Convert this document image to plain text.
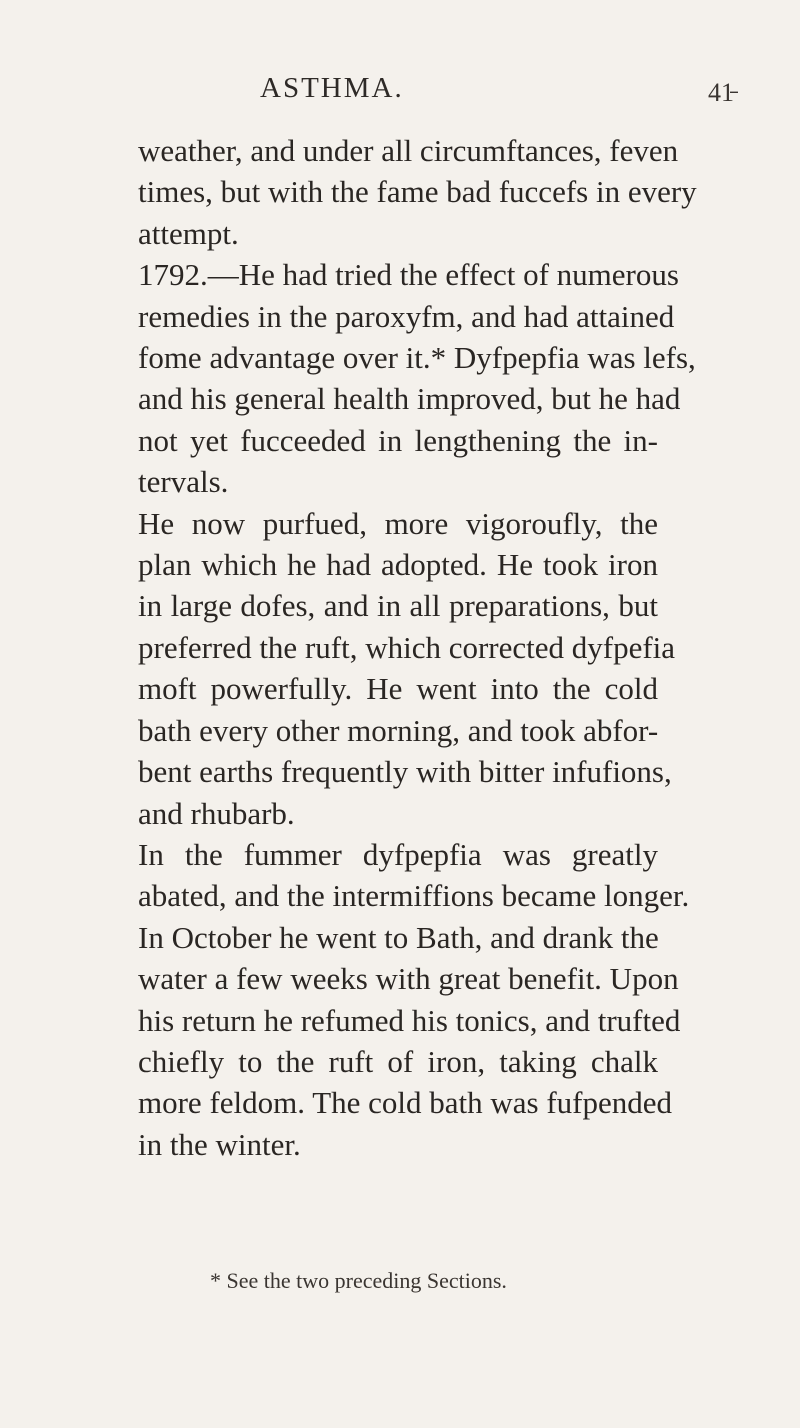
ASTHMA.	41̵
weather, and under all circumftances, feven
times, but with the fame bad fuccefs in every
attempt.
1792.—He had tried the effect of numerous
remedies in the paroxyfm, and had attained
fome advantage over it.* Dyfpepfia was lefs,
and his general health improved, but he had
not yet fucceeded in lengthening the in-
tervals.
He now purfued, more vigoroufly, the
plan which he had adopted. He took iron
in large dofes, and in all preparations, but
preferred the ruft, which corrected dyfpefia
moft powerfully. He went into the cold
bath every other morning, and took abfor-
bent earths frequently with bitter infufions,
and rhubarb.
In the fummer dyfpepfia was greatly
abated, and the intermiffions became longer.
In October he went to Bath, and drank the
water a few weeks with great benefit. Upon
his return he refumed his tonics, and trufted
chiefly to the ruft of iron, taking chalk
more feldom. The cold bath was fufpended
in the winter.
* See the two preceding Sections.
